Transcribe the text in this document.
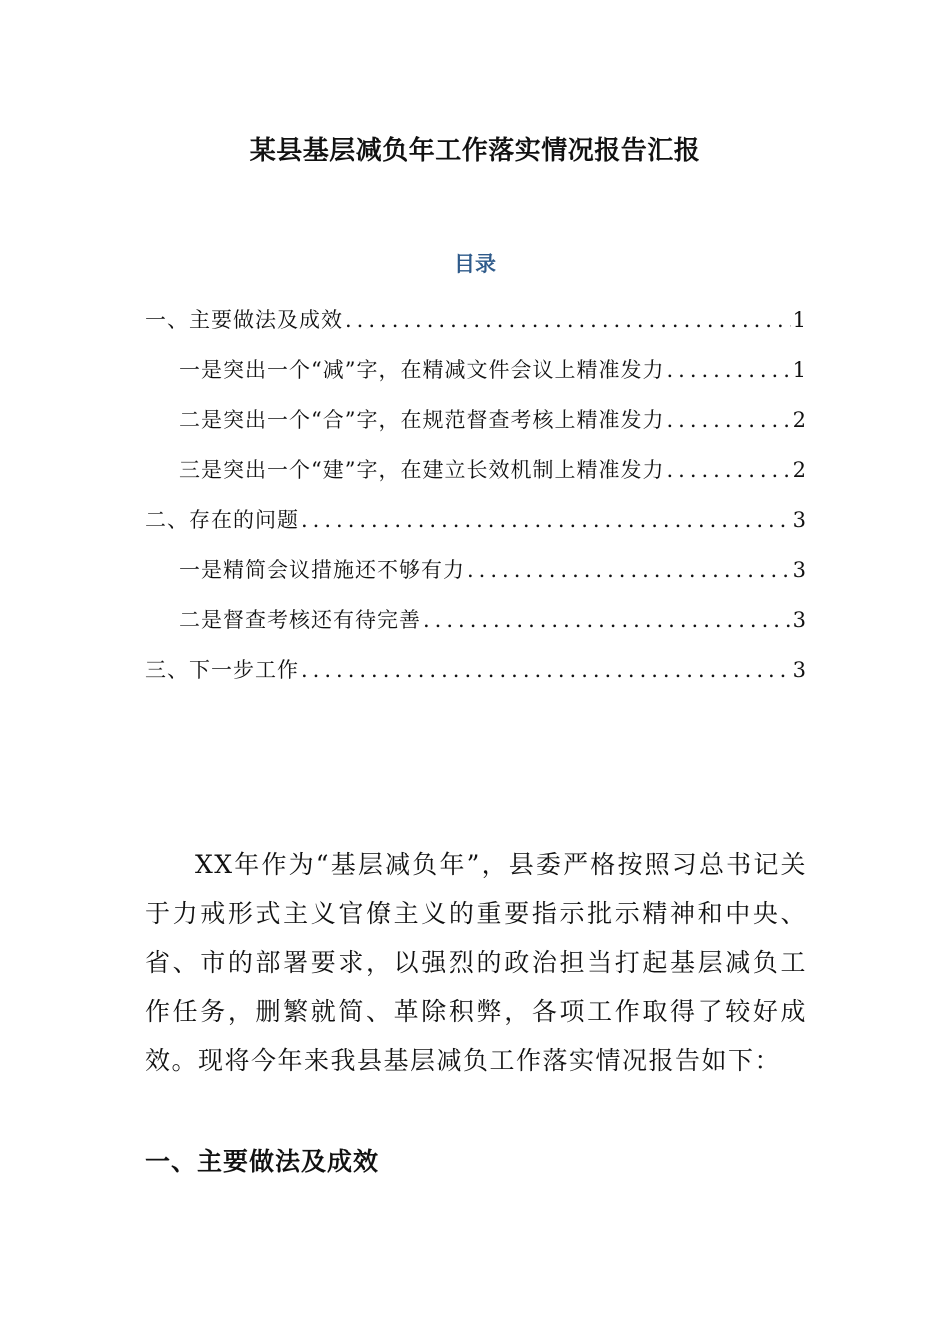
某县基层减负年工作落实情况报告汇报
目录
一、主要做法及成效 .....	1
一是突出一个“减”字，在精减文件会议上精准发力 .....	1
二是突出一个“合”字，在规范督查考核上精准发力 .....	2
三是突出一个“建”字，在建立长效机制上精准发力 .....	2
二、存在的问题 .....	3
一是精简会议措施还不够有力 .....	3
二是督查考核还有待完善 .....	3
三、下一步工作 .....	3

XX年作为“基层减负年”，县委严格按照习总书记关于力戒形式主义官僚主义的重要指示批示精神和中央、省、市的部署要求，以强烈的政治担当打起基层减负工作任务，删繁就简、革除积弊，各项工作取得了较好成效。现将今年来我县基层减负工作落实情况报告如下：

一、主要做法及成效
